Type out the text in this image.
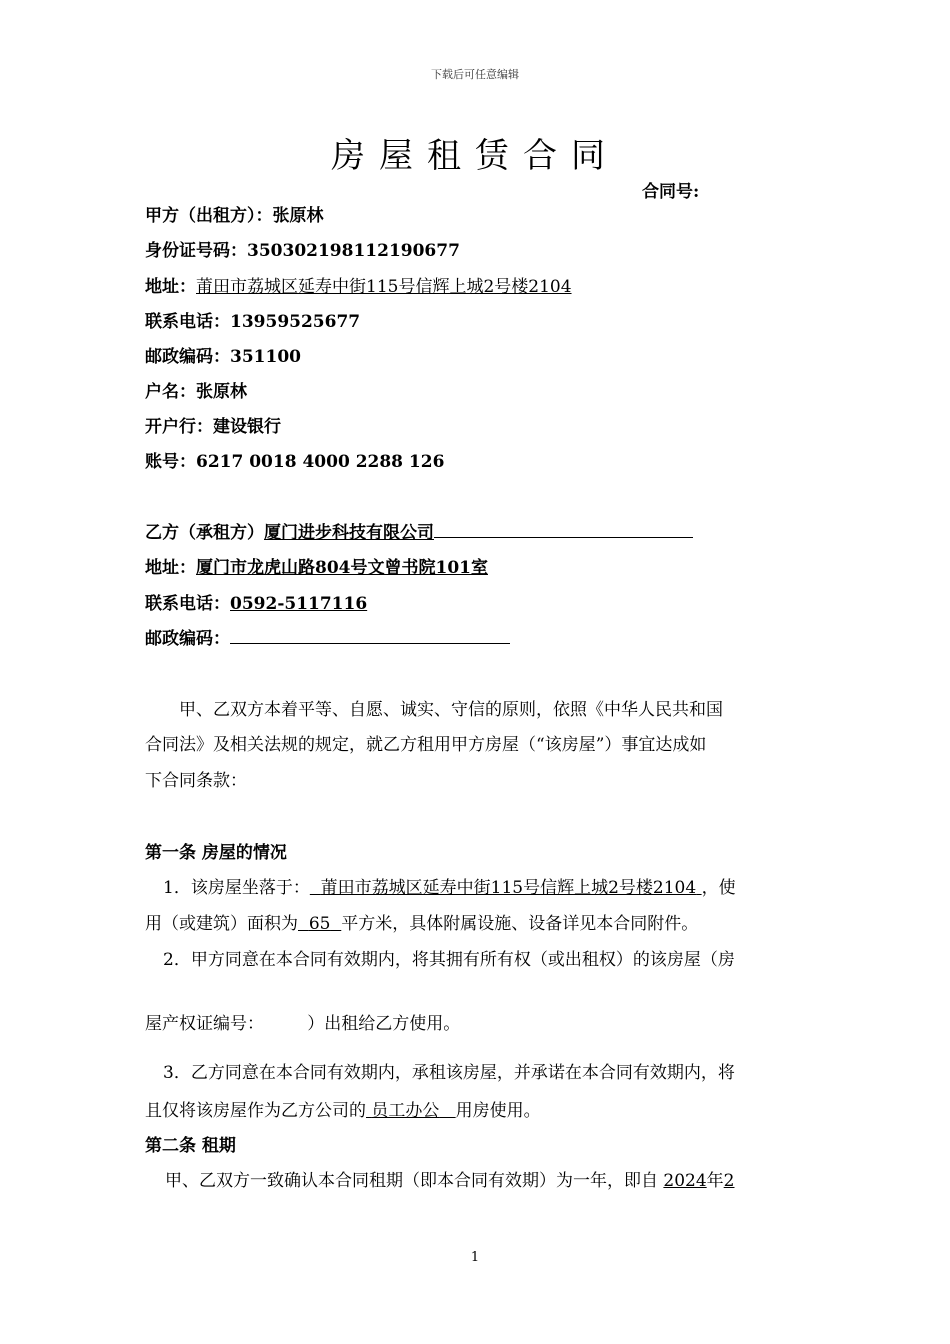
下载后可任意编辑
房屋租赁合同
合同号:
甲方（出租方）：张原林
身份证号码：350302198112190677
地址：莆田市荔城区延寿中街115号信辉上城2号楼2104
联系电话：13959525677
邮政编码：351100
户名：张原林
开户行：建设银行
账号：6217 0018 4000 2288 126
乙方（承租方）厦门进步科技有限公司
地址：厦门市龙虎山路804号文曾书院101室
联系电话：0592-5117116
邮政编码：
甲、乙双方本着平等、自愿、诚实、守信的原则，依照《中华人民共和国
合同法》及相关法规的规定，就乙方租用甲方房屋（“该房屋”）事宜达成如
下合同条款：
第一条 房屋的情况
1．该房屋坐落于： 莆田市荔城区延寿中街115号信辉上城2号楼2104 ，使
用（或建筑）面积为 65 平方米，具体附属设施、设备详见本合同附件。
2．甲方同意在本合同有效期内，将其拥有所有权（或出租权）的该房屋（房
屋产权证编号：        ）出租给乙方使用。
3．乙方同意在本合同有效期内，承租该房屋，并承诺在本合同有效期内，将
且仅将该房屋作为乙方公司的 员工办公 用房使用。
第二条 租期
甲、乙双方一致确认本合同租期（即本合同有效期）为一年，即自 2024年2
1
